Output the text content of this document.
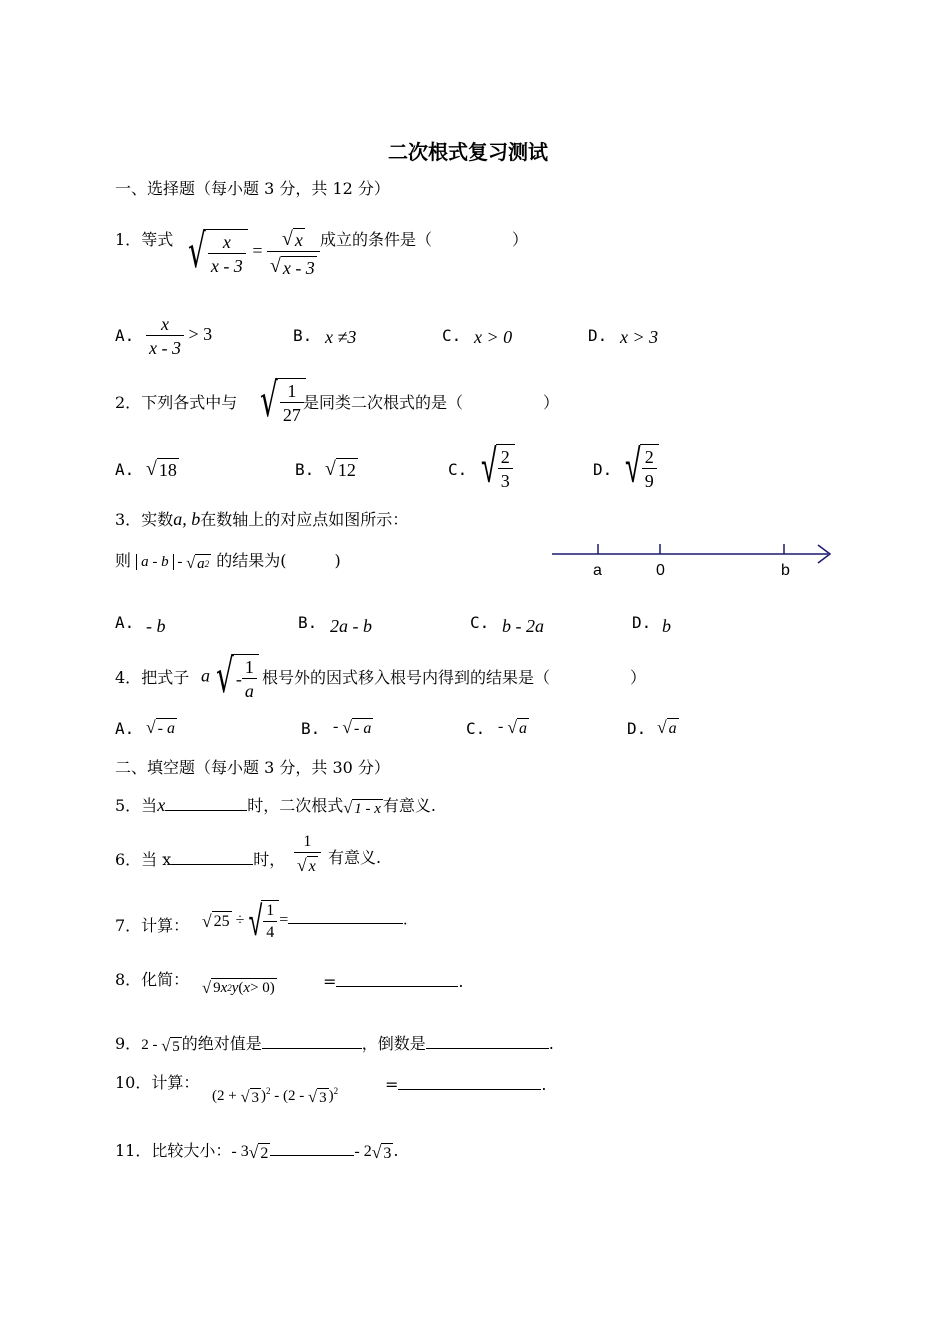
二次根式复习测试
一、选择题（每小题 3 分，共 12 分）
1．等式 √ $\frac{x}{x - 3} = \frac{√ x}{√ x - 3}$ 成立的条件是（　　　　　）
A. $\frac{x}{x - 3} > 3$	B. x ≠3	C. x > 0	D. x > 3
2．下列各式中与 √ $\frac{1}{27}$ 是同类二次根式的是（　　　　　）
A. √ 18	B. √ 12	C. √ $\frac{2}{3}$	D. √ $\frac{2}{9}$
3．实数a, b在数轴上的对应点如图所示：
则 a - b - √ a 2 的结果为(　　　)
a	0	b
A. - b	B. 2a - b	C. b - 2a	D. b
4．把式子 a √ - $\frac{1}{a}$ 根号外的因式移入根号内得到的结果是（　　　　　）
A. √ - a	B. - √ - a	C. - √ a	D. √ a
二、填空题（每小题 3 分，共 30 分）
5．当x	时，二次根式 √ 1 - x 有意义.
6．当 x	时， $\frac{1}{√ x}$ 有意义.
7．计算： √ 25 ÷ √ $\frac{1}{4}$ =	.
8．化简： √ 9 x 2 y ( x > 0)	=	.
9．2 - √ 5 的绝对值是	，倒数是	.
10．计算：
(2 + √ 3 )$^2$ - (2 - √ 3 )$^2$	=	.
11．比较大小：- 3 √ 2	- 2 √ 3 .
